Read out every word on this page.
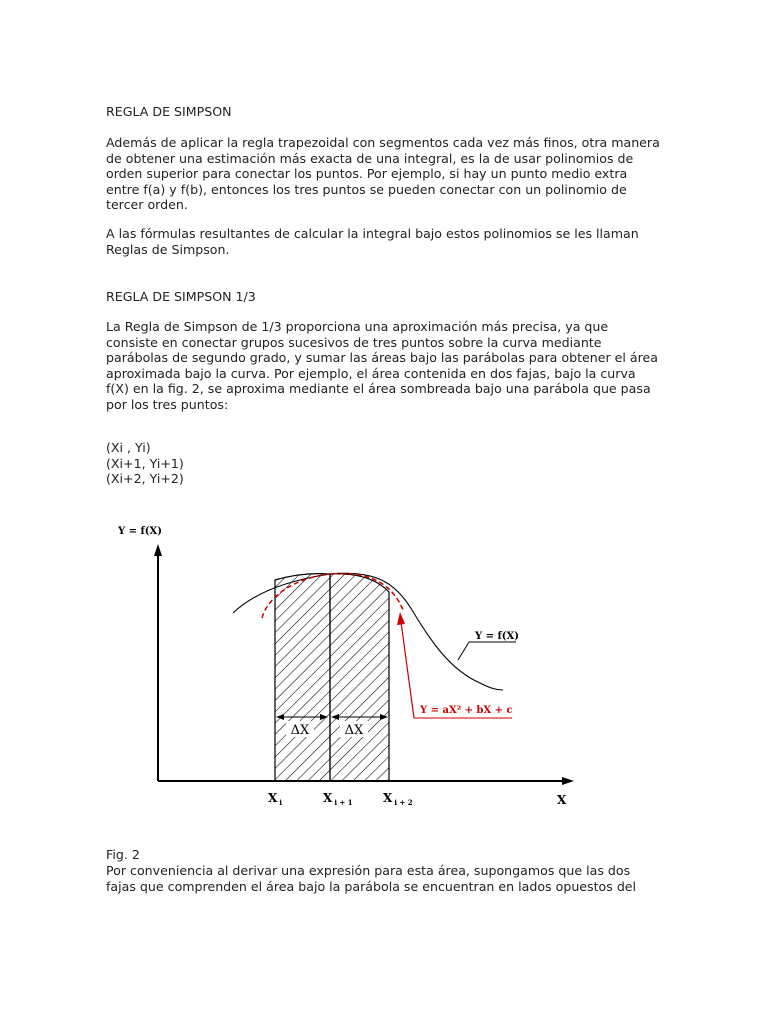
REGLA DE SIMPSON
Además de aplicar la regla trapezoidal con segmentos cada vez más finos, otra manera
de obtener una estimación más exacta de una integral, es la de usar polinomios de
orden superior para conectar los puntos. Por ejemplo, si hay un punto medio extra
entre f(a) y f(b), entonces los tres puntos se pueden conectar con un polinomio de
tercer orden.
A las fórmulas resultantes de calcular la integral bajo estos polinomios se les llaman
Reglas de Simpson.
REGLA DE SIMPSON 1/3
La Regla de Simpson de 1/3 proporciona una aproximación más precisa, ya que
consiste en conectar grupos sucesivos de tres puntos sobre la curva mediante
parábolas de segundo grado, y sumar las áreas bajo las parábolas para obtener el área
aproximada bajo la curva. Por ejemplo, el área contenida en dos fajas, bajo la curva
f(X) en la fig. 2, se aproxima mediante el área sombreada bajo una parábola que pasa
por los tres puntos:
(Xi , Yi)
(Xi+1, Yi+1)
(Xi+2, Yi+2)
ΔX	ΔX
Y = f(X)
Y = f(X)
Y = aX² + bX + c
X $_i$	X $_{i + 1}$	X $_{i + 2}$	X
Fig. 2
Por conveniencia al derivar una expresión para esta área, supongamos que las dos
fajas que comprenden el área bajo la parábola se encuentran en lados opuestos del
